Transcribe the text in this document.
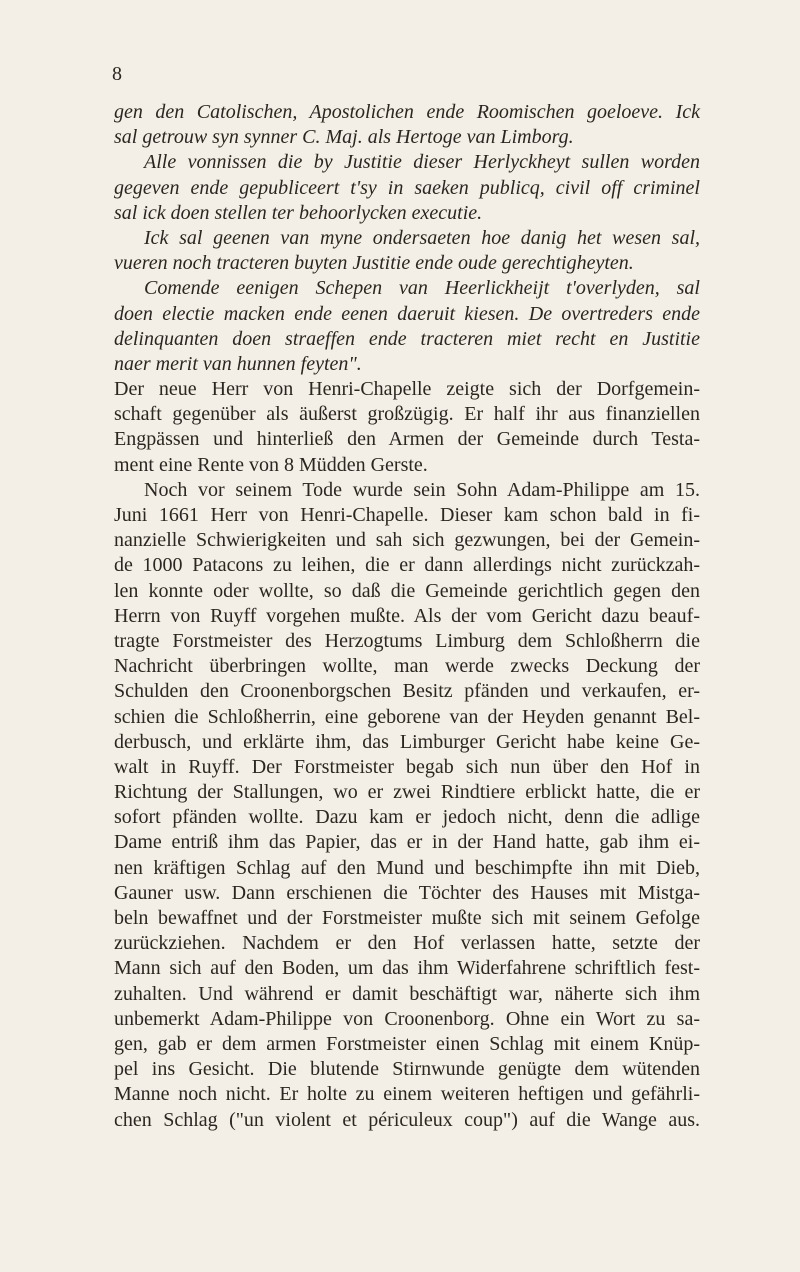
8
gen den Catolischen, Apostolichen ende Roomischen goeloeve. Ick
sal getrouw syn synner C. Maj. als Hertoge van Limborg.
Alle vonnissen die by Justitie dieser Herlyckheyt sullen worden
gegeven ende gepubliceert t'sy in saeken publicq, civil off criminel
sal ick doen stellen ter behoorlycken executie.
Ick sal geenen van myne ondersaeten hoe danig het wesen sal,
vueren noch tracteren buyten Justitie ende oude gerechtigheyten.
Comende eenigen Schepen van Heerlickheijt t'overlyden, sal
doen electie macken ende eenen daeruit kiesen. De overtreders ende
delinquanten doen straeffen ende tracteren miet recht en Justitie
naer merit van hunnen feyten".
Der neue Herr von Henri-Chapelle zeigte sich der Dorfgemein-
schaft gegenüber als äußerst großzügig. Er half ihr aus finanziellen
Engpässen und hinterließ den Armen der Gemeinde durch Testa-
ment eine Rente von 8 Müdden Gerste.
Noch vor seinem Tode wurde sein Sohn Adam-Philippe am 15.
Juni 1661 Herr von Henri-Chapelle. Dieser kam schon bald in fi-
nanzielle Schwierigkeiten und sah sich gezwungen, bei der Gemein-
de 1000 Patacons zu leihen, die er dann allerdings nicht zurückzah-
len konnte oder wollte, so daß die Gemeinde gerichtlich gegen den
Herrn von Ruyff vorgehen mußte. Als der vom Gericht dazu beauf-
tragte Forstmeister des Herzogtums Limburg dem Schloßherrn die
Nachricht überbringen wollte, man werde zwecks Deckung der
Schulden den Croonenborgschen Besitz pfänden und verkaufen, er-
schien die Schloßherrin, eine geborene van der Heyden genannt Bel-
derbusch, und erklärte ihm, das Limburger Gericht habe keine Ge-
walt in Ruyff. Der Forstmeister begab sich nun über den Hof in
Richtung der Stallungen, wo er zwei Rindtiere erblickt hatte, die er
sofort pfänden wollte. Dazu kam er jedoch nicht, denn die adlige
Dame entriß ihm das Papier, das er in der Hand hatte, gab ihm ei-
nen kräftigen Schlag auf den Mund und beschimpfte ihn mit Dieb,
Gauner usw. Dann erschienen die Töchter des Hauses mit Mistga-
beln bewaffnet und der Forstmeister mußte sich mit seinem Gefolge
zurückziehen. Nachdem er den Hof verlassen hatte, setzte der
Mann sich auf den Boden, um das ihm Widerfahrene schriftlich fest-
zuhalten. Und während er damit beschäftigt war, näherte sich ihm
unbemerkt Adam-Philippe von Croonenborg. Ohne ein Wort zu sa-
gen, gab er dem armen Forstmeister einen Schlag mit einem Knüp-
pel ins Gesicht. Die blutende Stirnwunde genügte dem wütenden
Manne noch nicht. Er holte zu einem weiteren heftigen und gefährli-
chen Schlag ("un violent et périculeux coup") auf die Wange aus.
